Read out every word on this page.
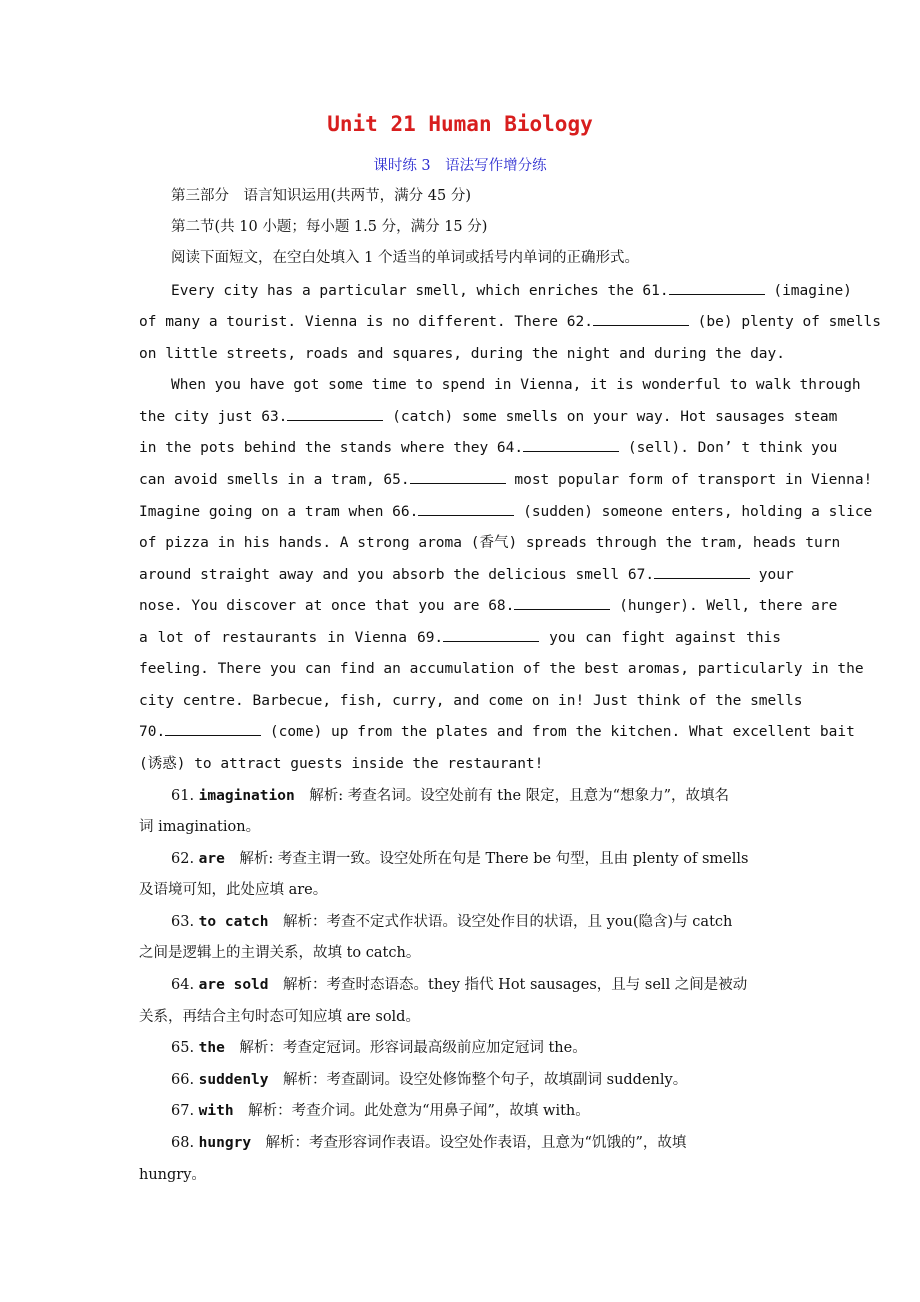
Unit 21 Human Biology
课时练 3　语法写作增分练
第三部分　语言知识运用(共两节，满分 45 分)
第二节(共 10 小题；每小题 1.5 分，满分 15 分)
阅读下面短文，在空白处填入 1 个适当的单词或括号内单词的正确形式。
Every city has a particular smell, which enriches the 61.	(imagine)
of many a tourist. Vienna is no different. There 62.	(be) plenty of smells
on little streets, roads and squares, during the night and during the day.
When you have got some time to spend in Vienna, it is wonderful to walk through
the city just 63.	(catch) some smells on your way. Hot sausages steam
in the pots behind the stands where they 64.	(sell). Don’ t think you
can avoid smells in a tram, 65.	most popular form of transport in Vienna!
Imagine going on a tram when 66.	(sudden) someone enters, holding a slice
of pizza in his hands. A strong aroma (香气) spreads through the tram, heads turn
around straight away and you absorb the delicious smell 67.	your
nose. You discover at once that you are 68.	(hunger). Well, there are
a lot of restaurants in Vienna 69.	you can fight against this
feeling. There you can find an accumulation of the best aromas, particularly in the
city centre. Barbecue, fish, curry, and come on in! Just think of the smells
70.	(come) up from the plates and from the kitchen. What excellent bait
(诱惑) to attract guests inside the restaurant!
61. imagination　解析: 考查名词。设空处前有 the 限定，且意为“想象力”，故填名
词 imagination。
62. are　解析: 考查主谓一致。设空处所在句是 There be 句型，且由 plenty of smells
及语境可知，此处应填 are。
63. to catch　解析：考查不定式作状语。设空处作目的状语，且 you(隐含)与 catch
之间是逻辑上的主谓关系，故填 to catch。
64. are sold　解析：考查时态语态。they 指代 Hot sausages，且与 sell 之间是被动
关系，再结合主句时态可知应填 are sold。
65. the　解析：考查定冠词。形容词最高级前应加定冠词 the。
66. suddenly　解析：考查副词。设空处修饰整个句子，故填副词 suddenly。
67. with　解析：考查介词。此处意为“用鼻子闻”，故填 with。
68. hungry　解析：考查形容词作表语。设空处作表语，且意为“饥饿的”，故填
hungry。
